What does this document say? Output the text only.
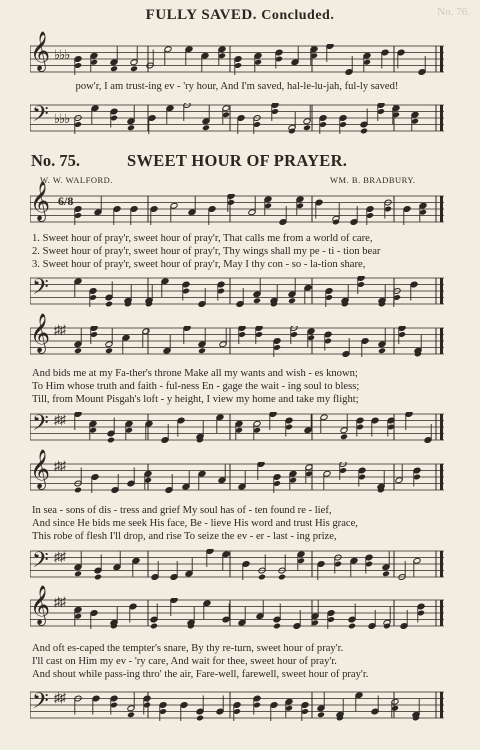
No. 76.
FULLY SAVED. Concluded.
𝄞 ♭♭♭
pow'r, I am trust-ing ev - 'ry hour, And I'm saved, hal-le-lu-jah, ful-ly saved!
𝄢 ♭♭♭
No. 75.	SWEET HOUR OF PRAYER.
W. W. WALFORD.	WM. B. BRADBURY.
𝄞 6/8
1. Sweet hour of pray'r, sweet hour of pray'r, That calls me from a world of care,
2. Sweet hour of pray'r, sweet hour of pray'r, Thy wings shall my pe - ti - tion bear
3. Sweet hour of pray'r, sweet hour of pray'r, May I thy con - so - la-tion share,
𝄢
𝄞 ♯♯
And bids me at my Fa-ther's throne Make all my wants and wish - es known;
To Him whose truth and faith - ful-ness En - gage the wait - ing soul to bless;
Till, from Mount Pisgah's loft - y height, I view my home and take my flight;
𝄢 ♯♯
𝄞 ♯♯
In sea - sons of dis - tress and grief My soul has of - ten found re - lief,
And since He bids me seek His face, Be - lieve His word and trust His grace,
This robe of flesh I'll drop, and rise To seize the ev - er - last - ing prize,
𝄢 ♯♯
𝄞 ♯♯
And oft es-caped the tempter's snare, By thy re-turn, sweet hour of pray'r.
I'll cast on Him my ev - 'ry care, And wait for thee, sweet hour of pray'r.
And shout while pass-ing thro' the air, Fare-well, farewell, sweet hour of pray'r.
𝄢 ♯♯
